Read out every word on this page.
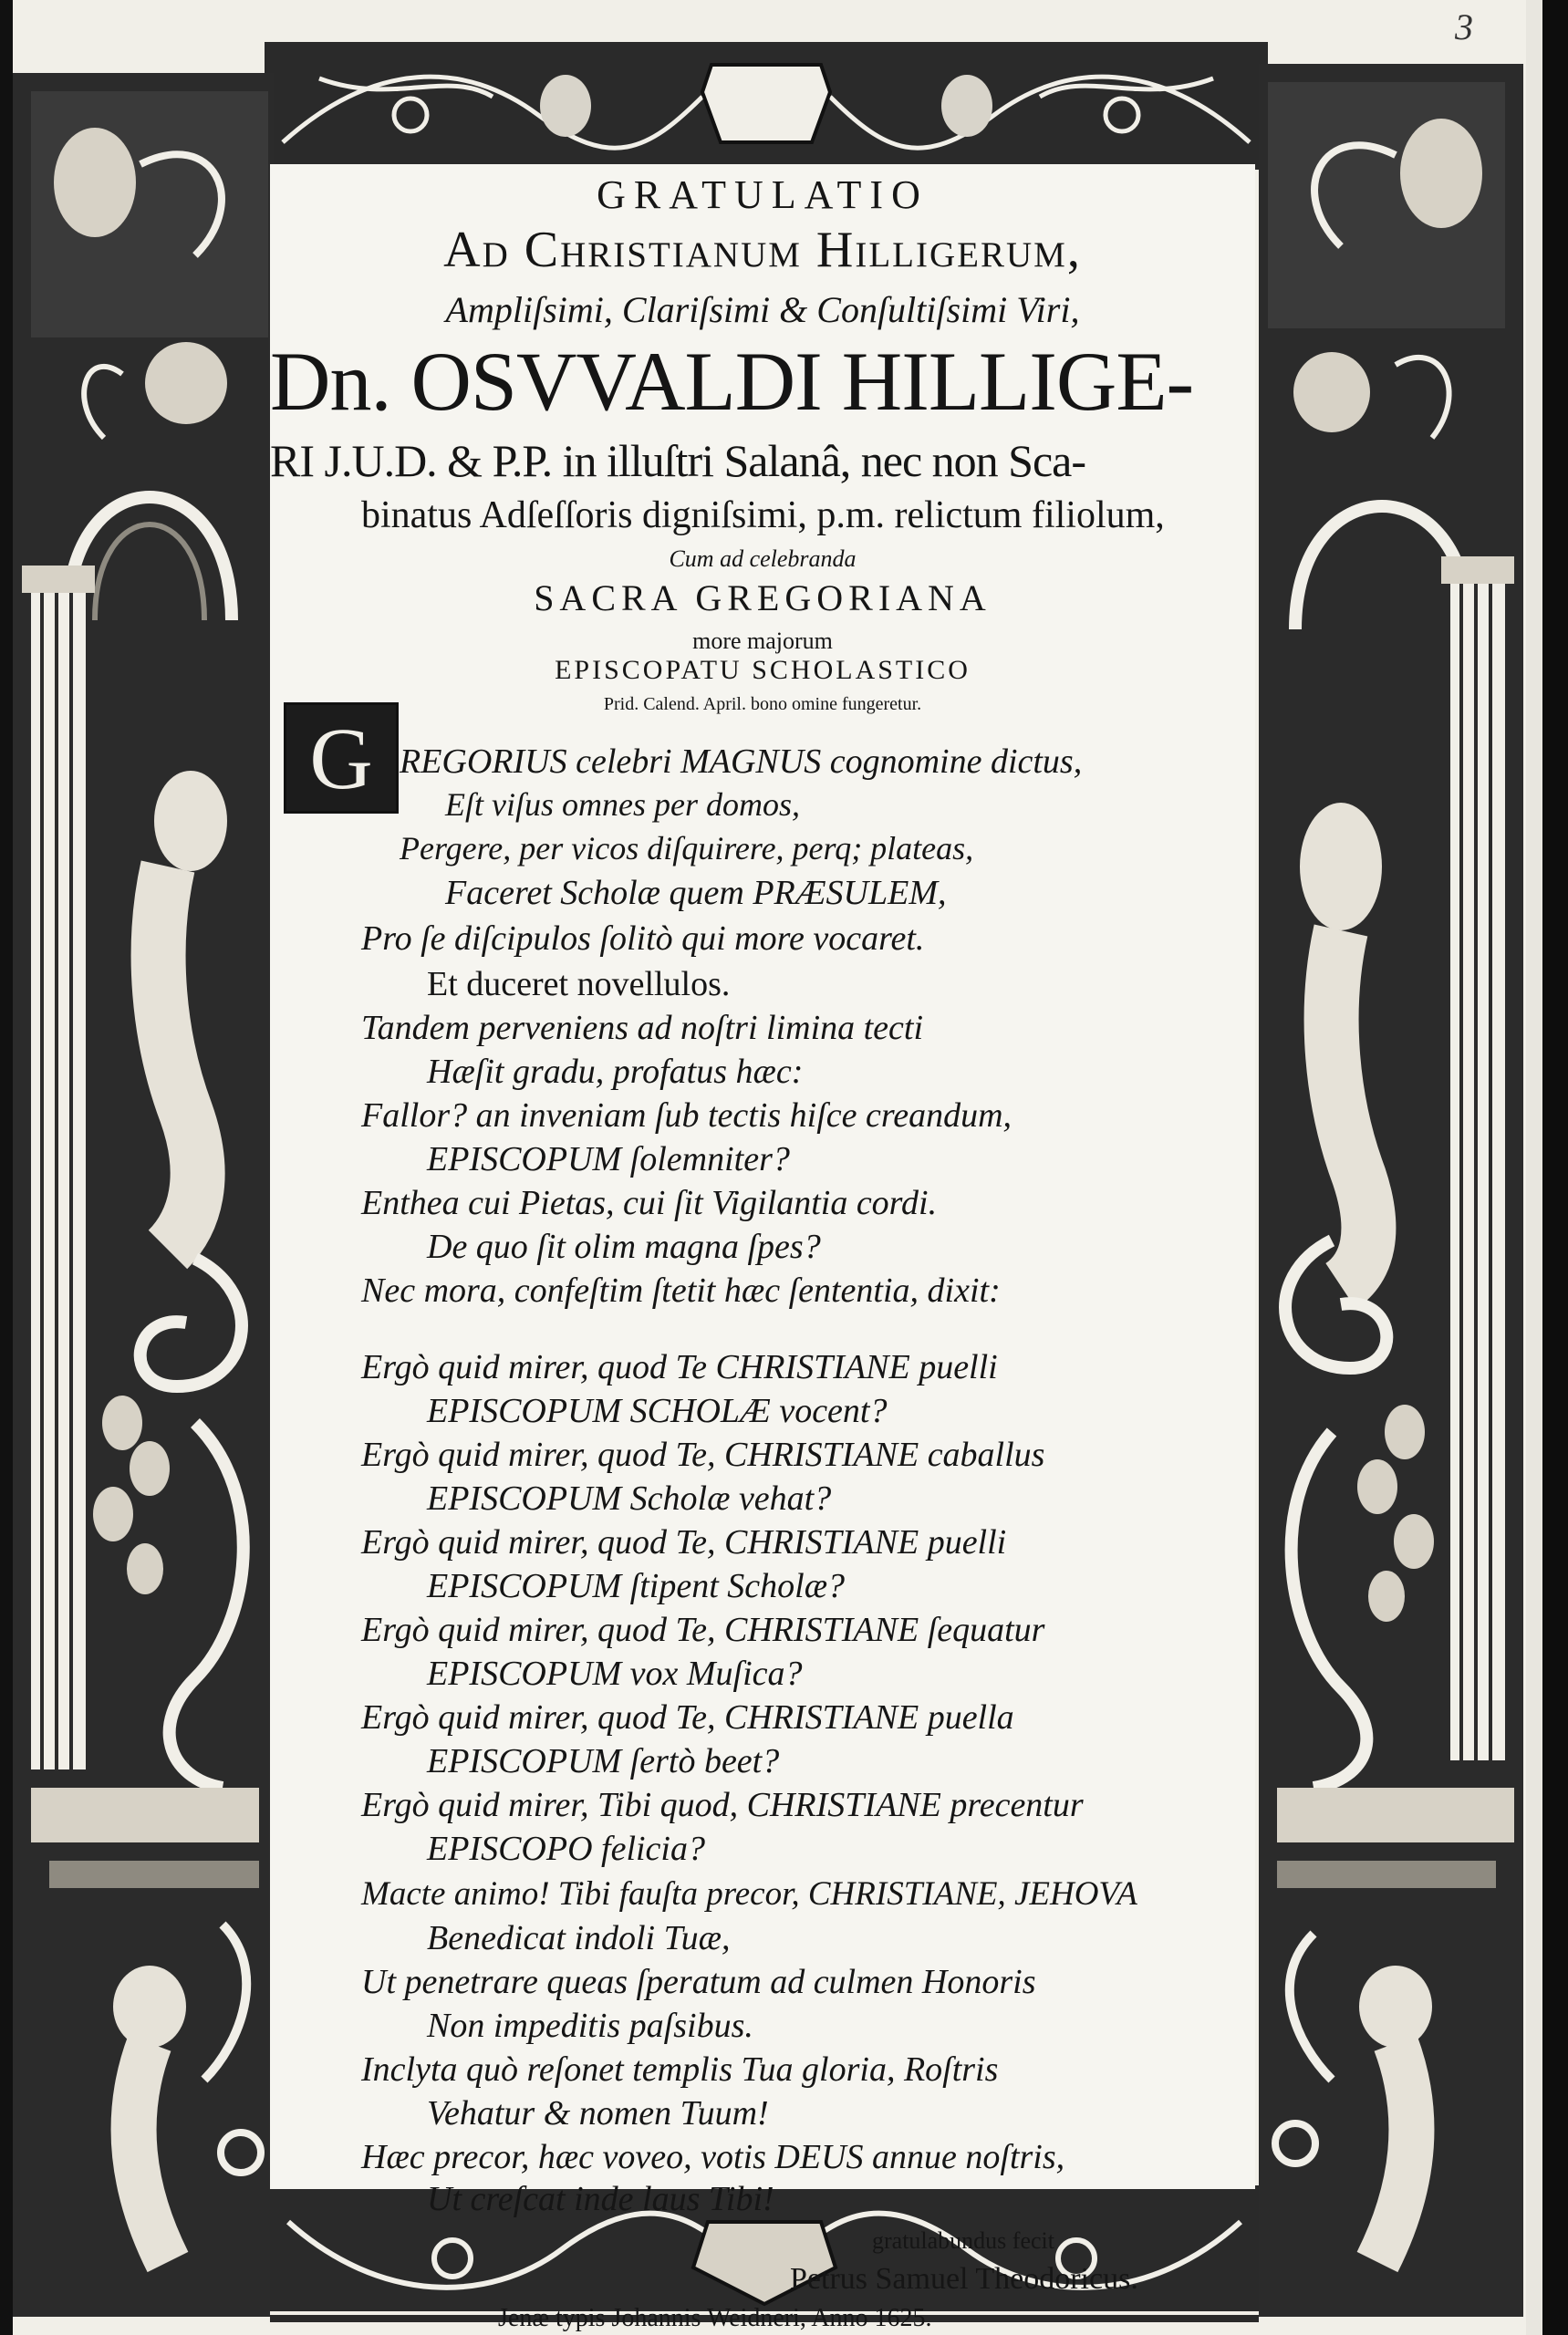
3
GRATULATIO
Ad Christianum Hilligerum,
Ampliſsimi, Clariſsimi & Conſultiſsimi Viri,
Dn. OSVVALDI HILLIGE-
RI J.U.D. & P.P. in illuſtri Salanâ, nec non Sca-
binatus Adſeſſoris digniſsimi, p.m. relictum filiolum,
Cum ad celebranda
SACRA GREGORIANA
more majorum
EPISCOPATU SCHOLASTICO
Prid. Calend. April. bono omine fungeretur.
G REGORIUS celebri MAGNUS cognomine dictus,
Eſt viſus omnes per domos,
Pergere, per vicos diſquirere, perq; plateas,
Faceret Scholæ quem PRÆSULEM,
Pro ſe diſcipulos ſolitò qui more vocaret.
Et duceret novellulos.
Tandem perveniens ad noſtri limina tecti
Hæſit gradu, profatus hæc:
Fallor? an inveniam ſub tectis hiſce creandum,
EPISCOPUM ſolemniter?
Enthea cui Pietas, cui ſit Vigilantia cordi.
De quo ſit olim magna ſpes?
Nec mora, confeſtim ſtetit hæc ſententia, dixit:
Ergò quid mirer, quod Te CHRISTIANE puelli
EPISCOPUM SCHOLÆ vocent?
Ergò quid mirer, quod Te, CHRISTIANE caballus
EPISCOPUM Scholæ vehat?
Ergò quid mirer, quod Te, CHRISTIANE puelli
EPISCOPUM ſtipent Scholæ?
Ergò quid mirer, quod Te, CHRISTIANE ſequatur
EPISCOPUM vox Muſica?
Ergò quid mirer, quod Te, CHRISTIANE puella
EPISCOPUM ſertò beet?
Ergò quid mirer, Tibi quod, CHRISTIANE precentur
EPISCOPO felicia?
Macte animo! Tibi fauſta precor, CHRISTIANE, JEHOVA
Benedicat indoli Tuæ,
Ut penetrare queas ſperatum ad culmen Honoris
Non impeditis paſsibus.
Inclyta quò reſonet templis Tua gloria, Roſtris
Vehatur & nomen Tuum!
Hæc precor, hæc voveo, votis DEUS annue noſtris,
Ut creſcat inde laus Tibi!
gratulabundus fecit
Petrus Samuel Theodoricus.
Jenæ typis Johannis Weidneri, Anno 1625.
